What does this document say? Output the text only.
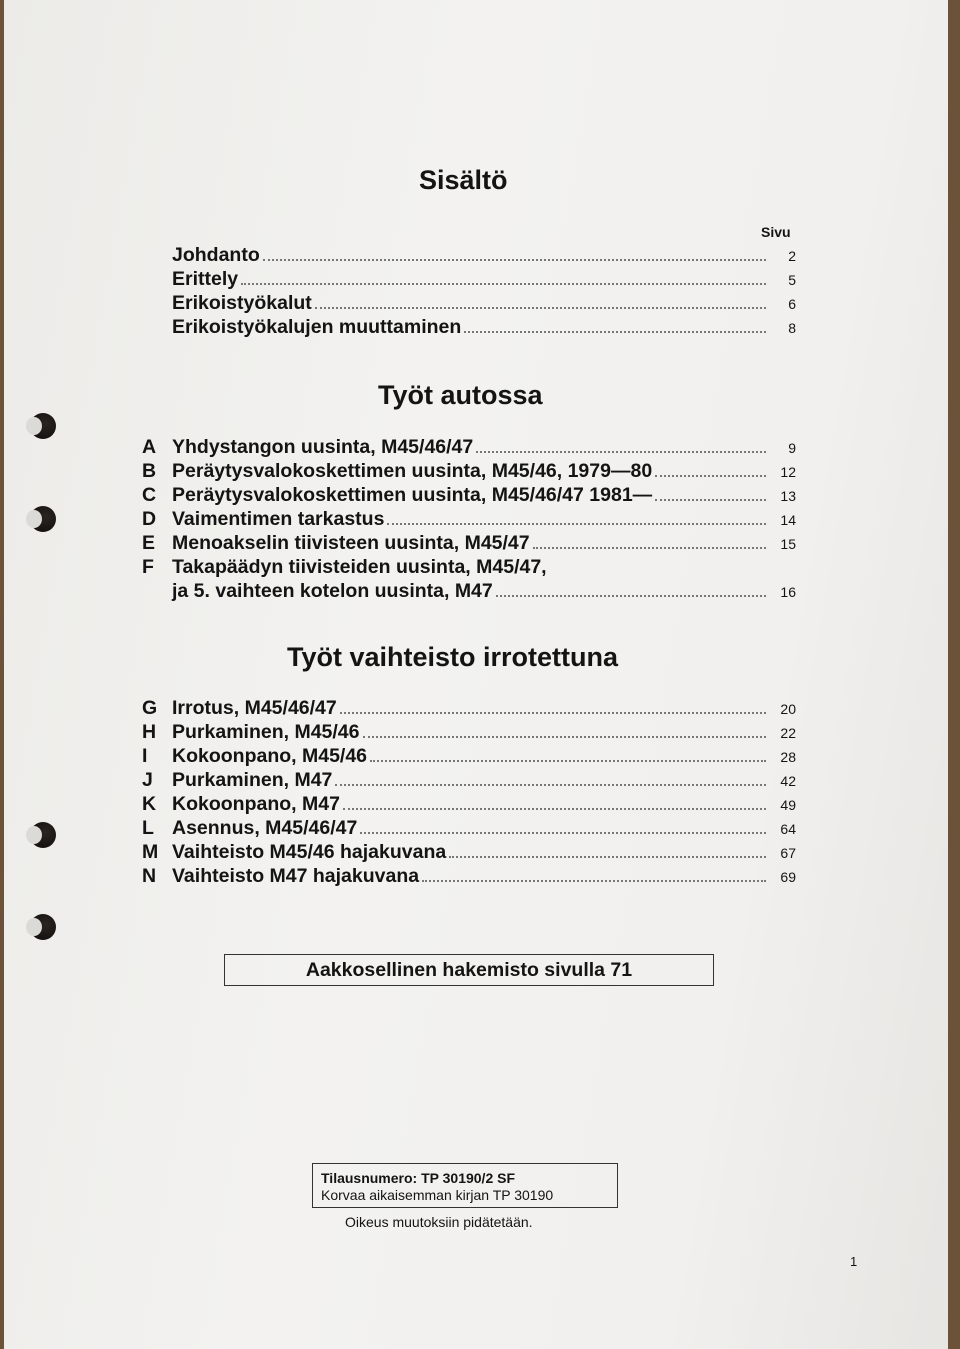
Sisältö
Sivu
Johdanto	2
Erittely	5
Erikoistyökalut	6
Erikoistyökalujen muuttaminen	8
Työt autossa
A Yhdystangon uusinta, M45/46/47	9
B Peräytysvalokoskettimen uusinta, M45/46, 1979—80	12
C Peräytysvalokoskettimen uusinta, M45/46/47 1981—	13
D Vaimentimen tarkastus	14
E Menoakselin tiivisteen uusinta, M45/47	15
F Takapäädyn tiivisteiden uusinta, M45/47,
ja 5. vaihteen kotelon uusinta, M47	16
Työt vaihteisto irrotettuna
G Irrotus, M45/46/47	20
H Purkaminen, M45/46	22
I	Kokoonpano, M45/46	28
J Purkaminen, M47	42
K Kokoonpano, M47	49
L Asennus, M45/46/47	64
M Vaihteisto M45/46 hajakuvana	67
N Vaihteisto M47 hajakuvana	69
Aakkosellinen hakemisto sivulla 71
Tilausnumero: TP 30190/2 SF
Korvaa aikaisemman kirjan TP 30190
Oikeus muutoksiin pidätetään.
1
